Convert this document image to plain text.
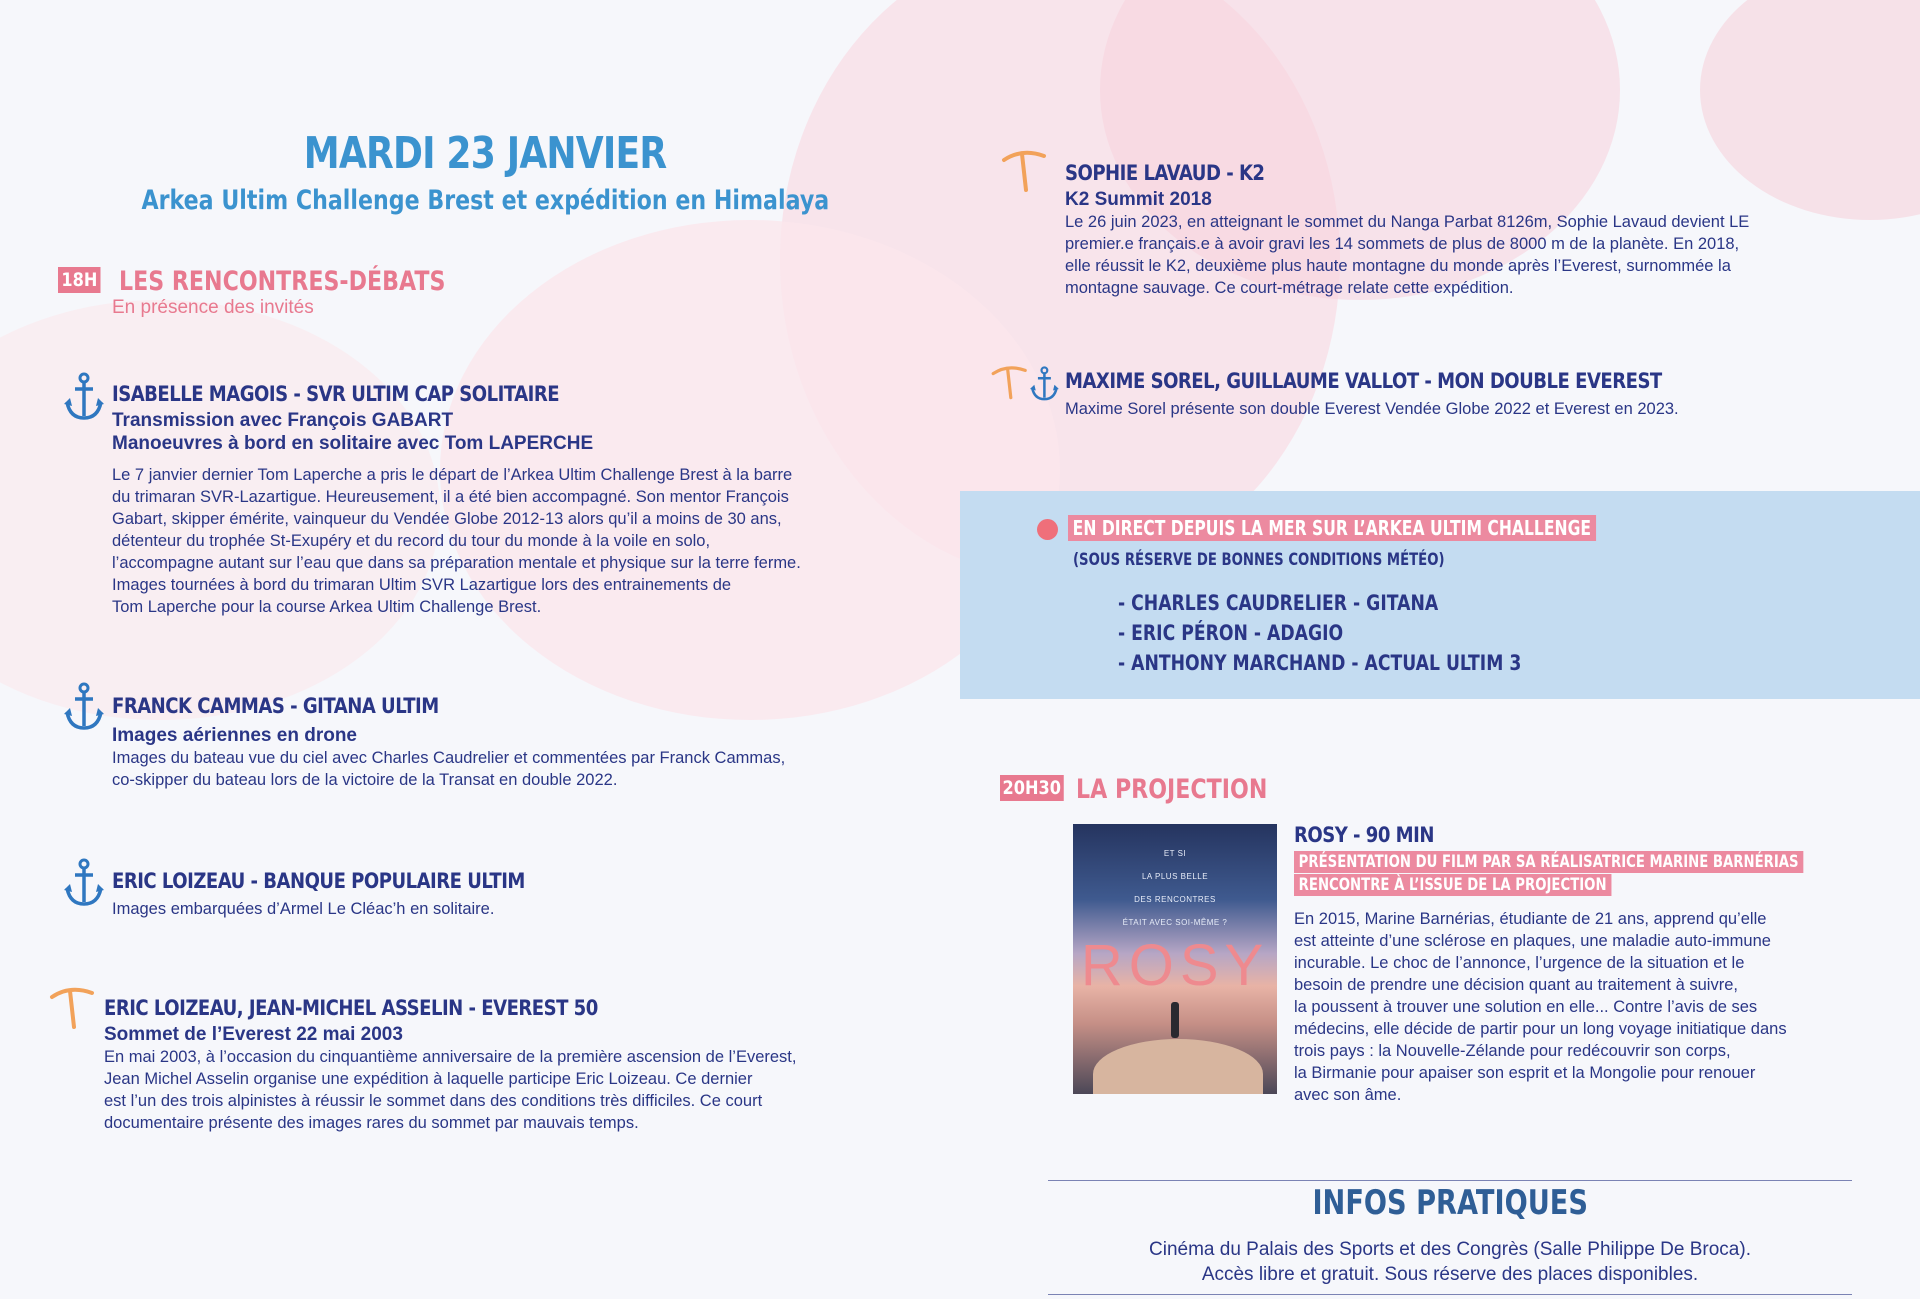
MARDI 23 JANVIER
Arkea Ultim Challenge Brest et expédition en Himalaya
18H LES RENCONTRES-DÉBATS
En présence des invités
ISABELLE MAGOIS - SVR ULTIM CAP SOLITAIRE
Transmission avec François GABART
Manoeuvres à bord en solitaire avec Tom LAPERCHE
Le 7 janvier dernier Tom Laperche a pris le départ de l’Arkea Ultim Challenge Brest à la barre
du trimaran SVR-Lazartigue. Heureusement, il a été bien accompagné. Son mentor François
Gabart, skipper émérite, vainqueur du Vendée Globe 2012-13 alors qu’il a moins de 30 ans,
détenteur du trophée St-Exupéry et du record du tour du monde à la voile en solo,
l’accompagne autant sur l’eau que dans sa préparation mentale et physique sur la terre ferme.
Images tournées à bord du trimaran Ultim SVR Lazartigue lors des entrainements de
Tom Laperche pour la course Arkea Ultim Challenge Brest.
FRANCK CAMMAS - GITANA ULTIM
Images aériennes en drone
Images du bateau vue du ciel avec Charles Caudrelier et commentées par Franck Cammas,
co-skipper du bateau lors de la victoire de la Transat en double 2022.
ERIC LOIZEAU - BANQUE POPULAIRE ULTIM
Images embarquées d’Armel Le Cléac’h en solitaire.
ERIC LOIZEAU, JEAN-MICHEL ASSELIN - EVEREST 50
Sommet de l’Everest 22 mai 2003
En mai 2003, à l’occasion du cinquantième anniversaire de la première ascension de l’Everest,
Jean Michel Asselin organise une expédition à laquelle participe Eric Loizeau. Ce dernier
est l’un des trois alpinistes à réussir le sommet dans des conditions très difficiles. Ce court
documentaire présente des images rares du sommet par mauvais temps.
SOPHIE LAVAUD - K2
K2 Summit 2018
Le 26 juin 2023, en atteignant le sommet du Nanga Parbat 8126m, Sophie Lavaud devient LE
premier.e français.e à avoir gravi les 14 sommets de plus de 8000 m de la planète. En 2018,
elle réussit le K2, deuxième plus haute montagne du monde après l’Everest, surnommée la
montagne sauvage. Ce court-métrage relate cette expédition.
MAXIME SOREL, GUILLAUME VALLOT - MON DOUBLE EVEREST
Maxime Sorel présente son double Everest Vendée Globe 2022 et Everest en 2023.
EN DIRECT DEPUIS LA MER SUR L’ARKEA ULTIM CHALLENGE
(SOUS RÉSERVE DE BONNES CONDITIONS MÉTÉO)
- CHARLES CAUDRELIER - GITANA
- ERIC PÉRON - ADAGIO
- ANTHONY MARCHAND - ACTUAL ULTIM 3
20H30 LA PROJECTION
ET SI
LA PLUS BELLE
DES RENCONTRES
ÉTAIT AVEC SOI-MÊME ?
ROSY
ROSY - 90 MIN
PRÉSENTATION DU FILM PAR SA RÉALISATRICE MARINE BARNÉRIAS
RENCONTRE À L’ISSUE DE LA PROJECTION
En 2015, Marine Barnérias, étudiante de 21 ans, apprend qu’elle
est atteinte d’une sclérose en plaques, une maladie auto-immune
incurable. Le choc de l’annonce, l’urgence de la situation et le
besoin de prendre une décision quant au traitement à suivre,
la poussent à trouver une solution en elle... Contre l’avis de ses
médecins, elle décide de partir pour un long voyage initiatique dans
trois pays : la Nouvelle-Zélande pour redécouvrir son corps,
la Birmanie pour apaiser son esprit et la Mongolie pour renouer
avec son âme.
INFOS PRATIQUES
Cinéma du Palais des Sports et des Congrès (Salle Philippe De Broca).
Accès libre et gratuit. Sous réserve des places disponibles.
